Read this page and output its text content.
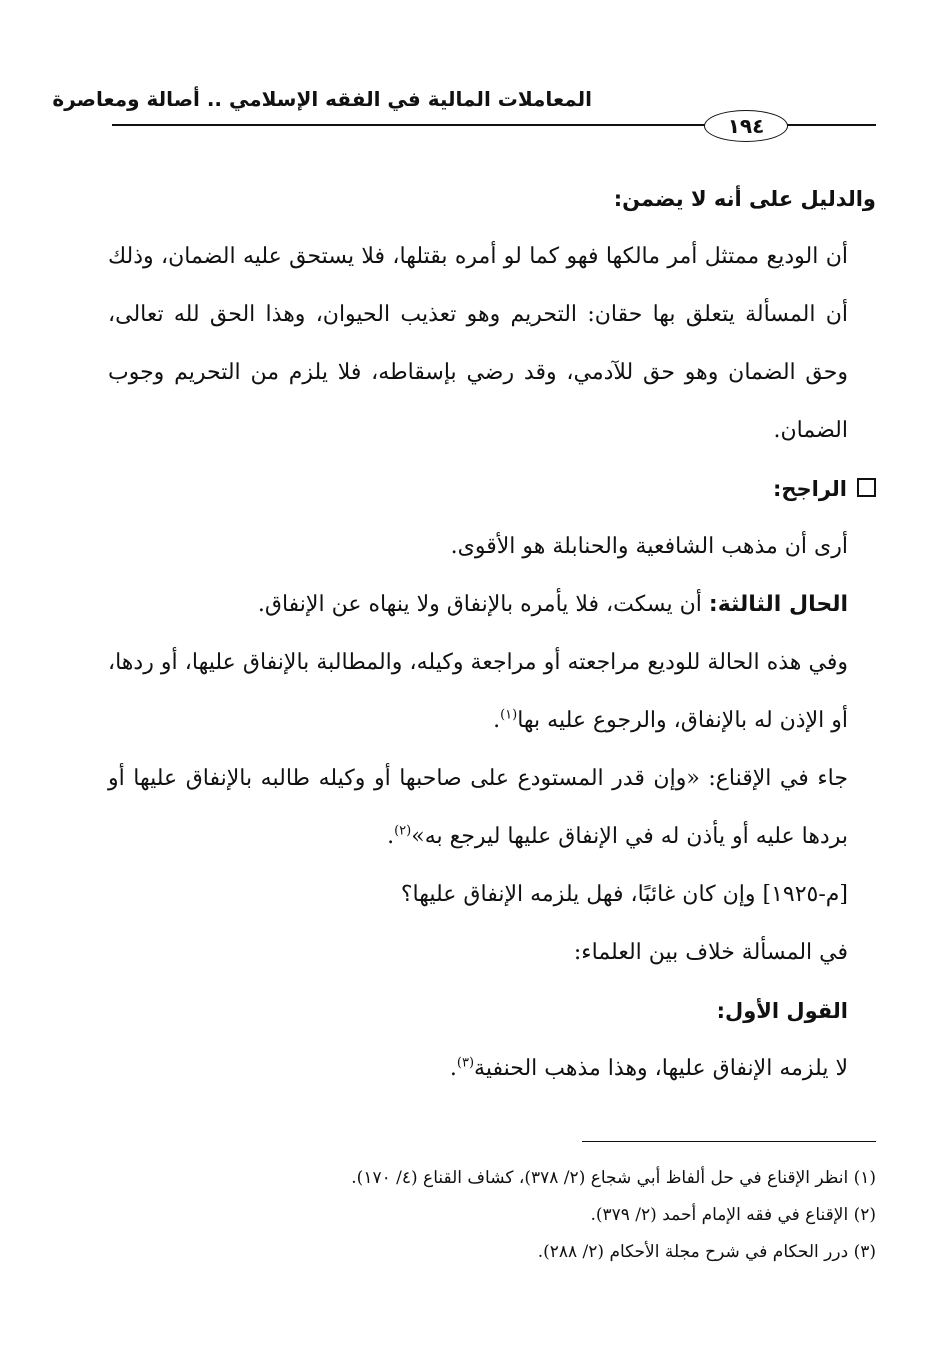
المعاملات المالية في الفقه الإسلامي .. أصالة ومعاصرة
١٩٤

والدليل على أنه لا يضمن:

أن الوديع ممتثل أمر مالكها فهو كما لو أمره بقتلها، فلا يستحق عليه الضمان، وذلك أن المسألة يتعلق بها حقان: التحريم وهو تعذيب الحيوان، وهذا الحق لله تعالى، وحق الضمان وهو حق للآدمي، وقد رضي بإسقاطه، فلا يلزم من التحريم وجوب الضمان.

الراجح:

أرى أن مذهب الشافعية والحنابلة هو الأقوى.

الحال الثالثة: أن يسكت، فلا يأمره بالإنفاق ولا ينهاه عن الإنفاق.

وفي هذه الحالة للوديع مراجعته أو مراجعة وكيله، والمطالبة بالإنفاق عليها، أو ردها، أو الإذن له بالإنفاق، والرجوع عليه بها$^{(١)}$.

جاء في الإقناع: «وإن قدر المستودع على صاحبها أو وكيله طالبه بالإنفاق عليها أو بردها عليه أو يأذن له في الإنفاق عليها ليرجع به»$^{(٢)}$.

[م-١٩٢٥] وإن كان غائبًا، فهل يلزمه الإنفاق عليها؟

في المسألة خلاف بين العلماء:

القول الأول:

لا يلزمه الإنفاق عليها، وهذا مذهب الحنفية$^{(٣)}$.

(١) انظر الإقناع في حل ألفاظ أبي شجاع (٢/ ٣٧٨)، كشاف القناع (٤/ ١٧٠).

(٢) الإقناع في فقه الإمام أحمد (٢/ ٣٧٩).

(٣) درر الحكام في شرح مجلة الأحكام (٢/ ٢٨٨).
